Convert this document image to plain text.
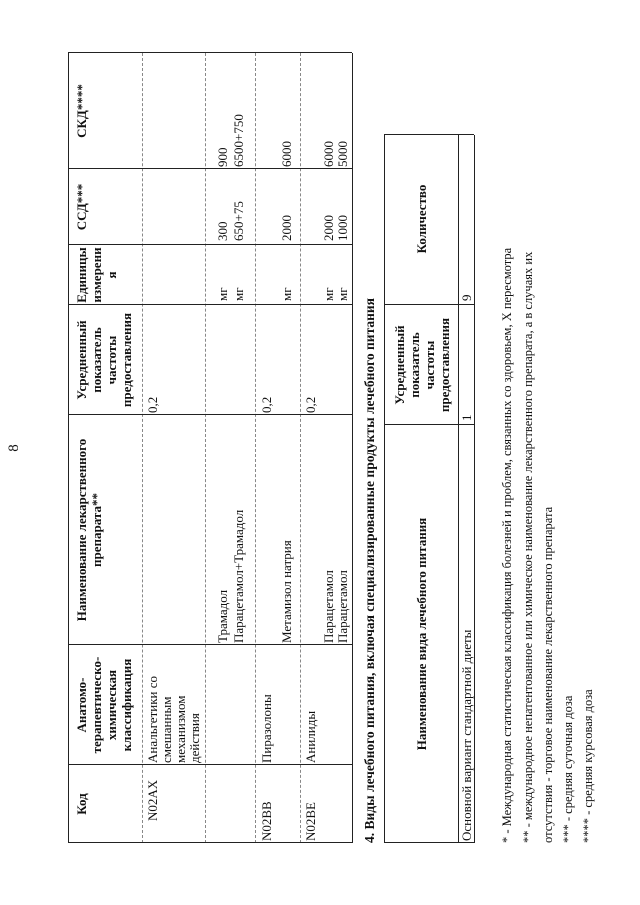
8
Код
Анатомо-терапевтическо-химическая классификация
Наименование лекарственного препарата**
Усредненный показатель частоты предоставления
Единицы измерения
ССД***
СКД****
N02AX
Анальгетики со смешанным механизмом действия
0,2
Трамадол
мг
300
900
Парацетамол+Трамадол
мг
650+75
6500+750
N02BB
Пиразолоны
0,2
Метамизол натрия
мг
2000
6000
N02BE
Анилиды
0,2
Парацетамол
мг
2000
6000
Парацетамол
мг
1000
5000
4. Виды лечебного питания, включая специализированные продукты лечебного питания	Наименование вида лечебного питания
Усредненный показатель частоты предоставления
Количество
Основной вариант стандартной диеты
1
9 * - Международная статистическая классификация болезней и проблем, связанных со здоровьем, X пересмотра ** - международное непатентованное или химическое наименование лекарственного препарата, а в случаях их отсутствия - торговое наименование лекарственного препарата *** - средняя суточная доза **** - средняя курсовая доза
